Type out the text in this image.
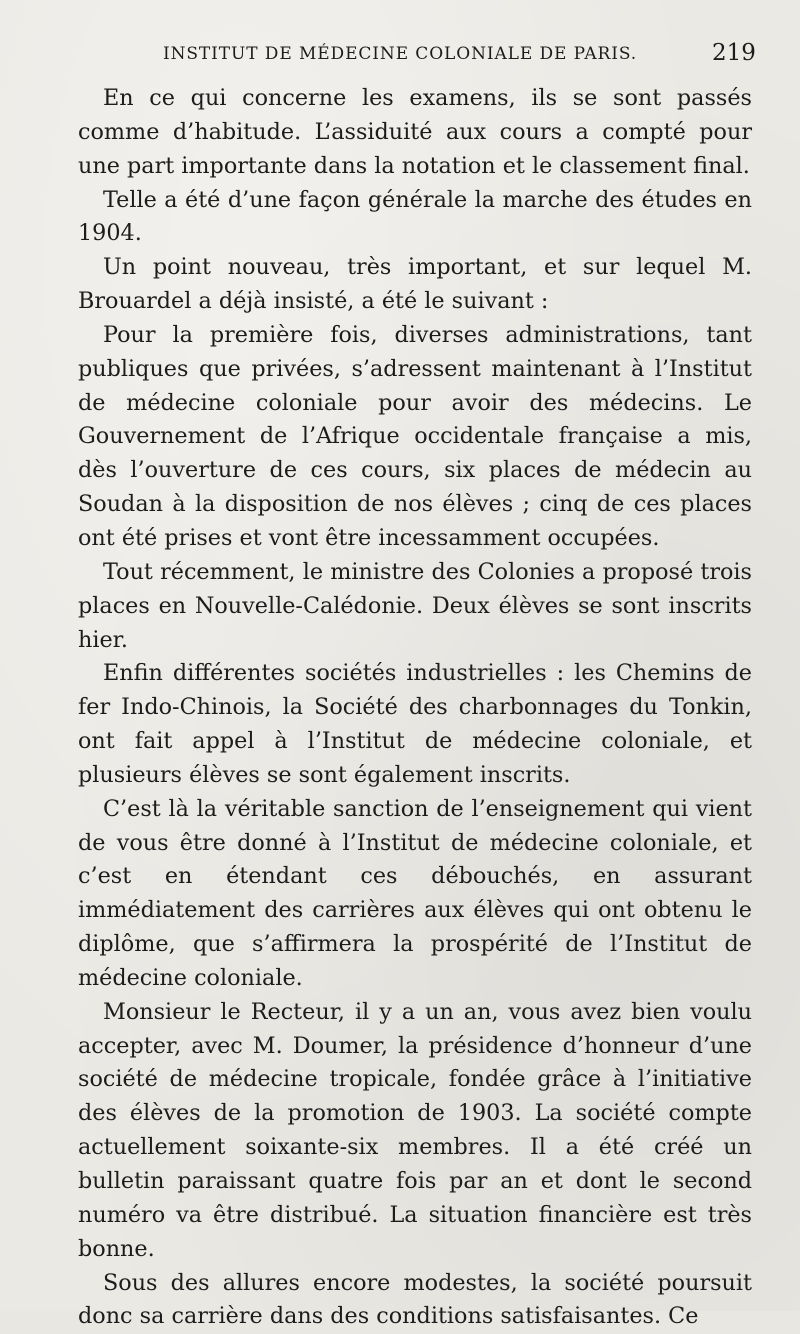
INSTITUT DE MÉDECINE COLONIALE DE PARIS.	219

En ce qui concerne les examens, ils se sont passés comme d’habitude. L’assiduité aux cours a compté pour une part importante dans la notation et le classement final.

Telle a été d’une façon générale la marche des études en 1904.

Un point nouveau, très important, et sur lequel M. Brouardel a déjà insisté, a été le suivant :

Pour la première fois, diverses administrations, tant publiques que privées, s’adressent maintenant à l’Institut de médecine coloniale pour avoir des médecins. Le Gouvernement de l’Afrique occidentale française a mis, dès l’ouverture de ces cours, six places de médecin au Soudan à la disposition de nos élèves ; cinq de ces places ont été prises et vont être incessamment occupées.

Tout récemment, le ministre des Colonies a proposé trois places en Nouvelle-Calédonie. Deux élèves se sont inscrits hier.

Enfin différentes sociétés industrielles : les Chemins de fer Indo-Chinois, la Société des charbonnages du Tonkin, ont fait appel à l’Institut de médecine coloniale, et plusieurs élèves se sont également inscrits.

C’est là la véritable sanction de l’enseignement qui vient de vous être donné à l’Institut de médecine coloniale, et c’est en étendant ces débouchés, en assurant immédiatement des carrières aux élèves qui ont obtenu le diplôme, que s’affirmera la prospérité de l’Institut de médecine coloniale.

Monsieur le Recteur, il y a un an, vous avez bien voulu accepter, avec M. Doumer, la présidence d’honneur d’une société de médecine tropicale, fondée grâce à l’initiative des élèves de la promotion de 1903. La société compte actuellement soixante-six membres. Il a été créé un bulletin paraissant quatre fois par an et dont le second numéro va être distribué. La situation financière est très bonne.

Sous des allures encore modestes, la société poursuit donc sa carrière dans des conditions satisfaisantes. Ce
